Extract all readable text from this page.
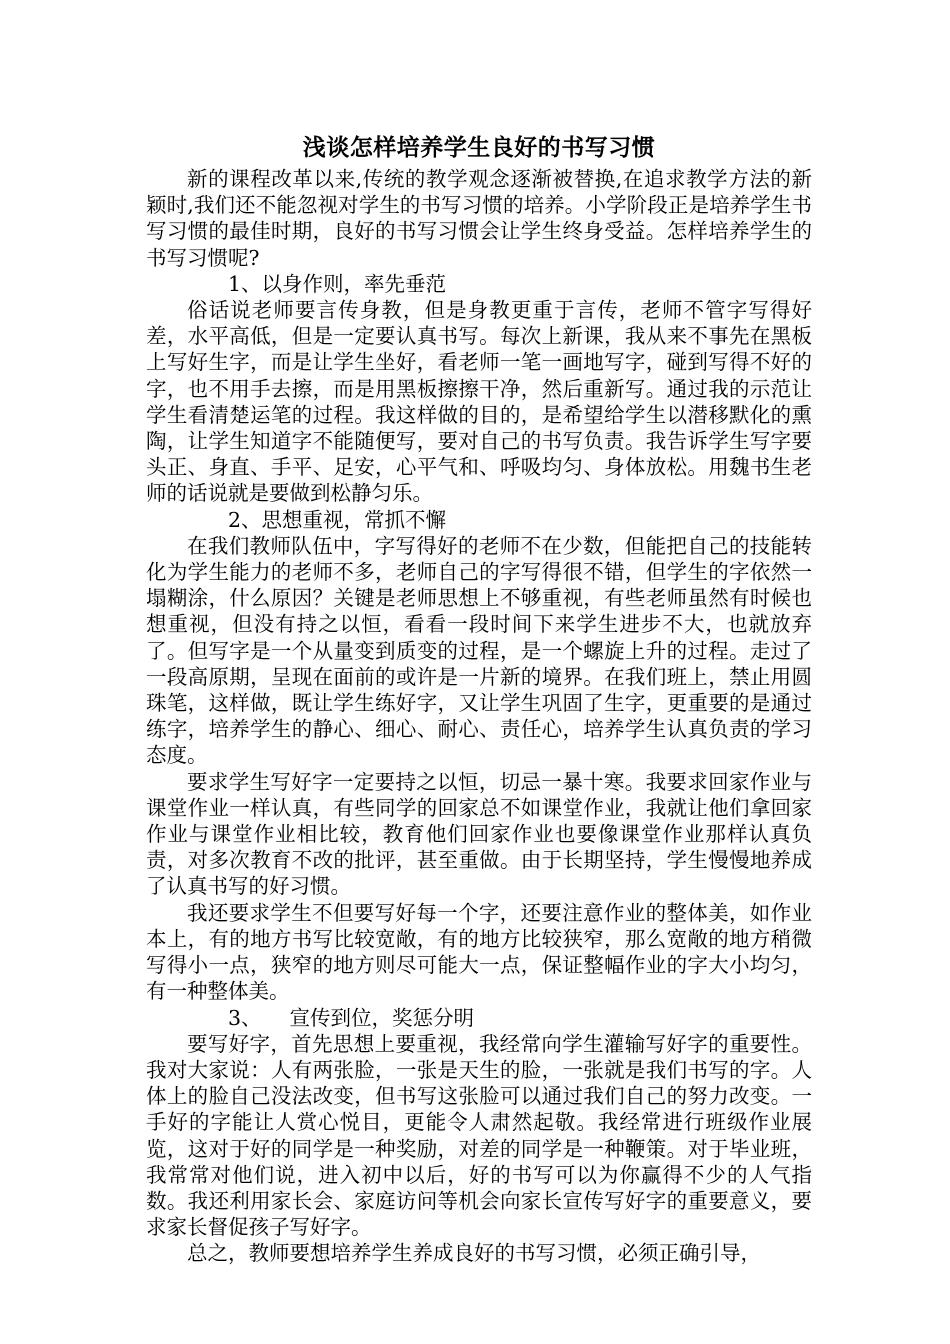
浅谈怎样培养学生良好的书写习惯

新的课程改革以来,传统的教学观念逐渐被替换,在追求教学方法的新颖时,我们还不能忽视对学生的书写习惯的培养。小学阶段正是培养学生书写习惯的最佳时期，良好的书写习惯会让学生终身受益。怎样培养学生的书写习惯呢?

1、以身作则，率先垂范

俗话说老师要言传身教，但是身教更重于言传，老师不管字写得好差，水平高低，但是一定要认真书写。每次上新课，我从来不事先在黑板上写好生字，而是让学生坐好，看老师一笔一画地写字，碰到写得不好的字，也不用手去擦，而是用黑板擦擦干净，然后重新写。通过我的示范让学生看清楚运笔的过程。我这样做的目的，是希望给学生以潜移默化的熏陶，让学生知道字不能随便写，要对自己的书写负责。我告诉学生写字要头正、身直、手平、足安，心平气和、呼吸均匀、身体放松。用魏书生老师的话说就是要做到松静匀乐。

2、思想重视，常抓不懈

在我们教师队伍中，字写得好的老师不在少数，但能把自己的技能转化为学生能力的老师不多，老师自己的字写得很不错，但学生的字依然一塌糊涂，什么原因？关键是老师思想上不够重视，有些老师虽然有时候也想重视，但没有持之以恒，看看一段时间下来学生进步不大，也就放弃了。但写字是一个从量变到质变的过程，是一个螺旋上升的过程。走过了一段高原期，呈现在面前的或许是一片新的境界。在我们班上，禁止用圆珠笔，这样做，既让学生练好字，又让学生巩固了生字，更重要的是通过练字，培养学生的静心、细心、耐心、责任心，培养学生认真负责的学习态度。

要求学生写好字一定要持之以恒，切忌一暴十寒。我要求回家作业与课堂作业一样认真，有些同学的回家总不如课堂作业，我就让他们拿回家作业与课堂作业相比较，教育他们回家作业也要像课堂作业那样认真负责，对多次教育不改的批评，甚至重做。由于长期坚持，学生慢慢地养成了认真书写的好习惯。

我还要求学生不但要写好每一个字，还要注意作业的整体美，如作业本上，有的地方书写比较宽敞，有的地方比较狭窄，那么宽敞的地方稍微写得小一点，狭窄的地方则尽可能大一点，保证整幅作业的字大小均匀，有一种整体美。

3、 宣传到位，奖惩分明

要写好字，首先思想上要重视，我经常向学生灌输写好字的重要性。我对大家说：人有两张脸，一张是天生的脸，一张就是我们书写的字。人体上的脸自己没法改变，但书写这张脸可以通过我们自己的努力改变。一手好的字能让人赏心悦目，更能令人肃然起敬。我经常进行班级作业展览，这对于好的同学是一种奖励，对差的同学是一种鞭策。对于毕业班，我常常对他们说，进入初中以后，好的书写可以为你赢得不少的人气指数。我还利用家长会、家庭访问等机会向家长宣传写好字的重要意义，要求家长督促孩子写好字。

总之，教师要想培养学生养成良好的书写习惯，必须正确引导，
